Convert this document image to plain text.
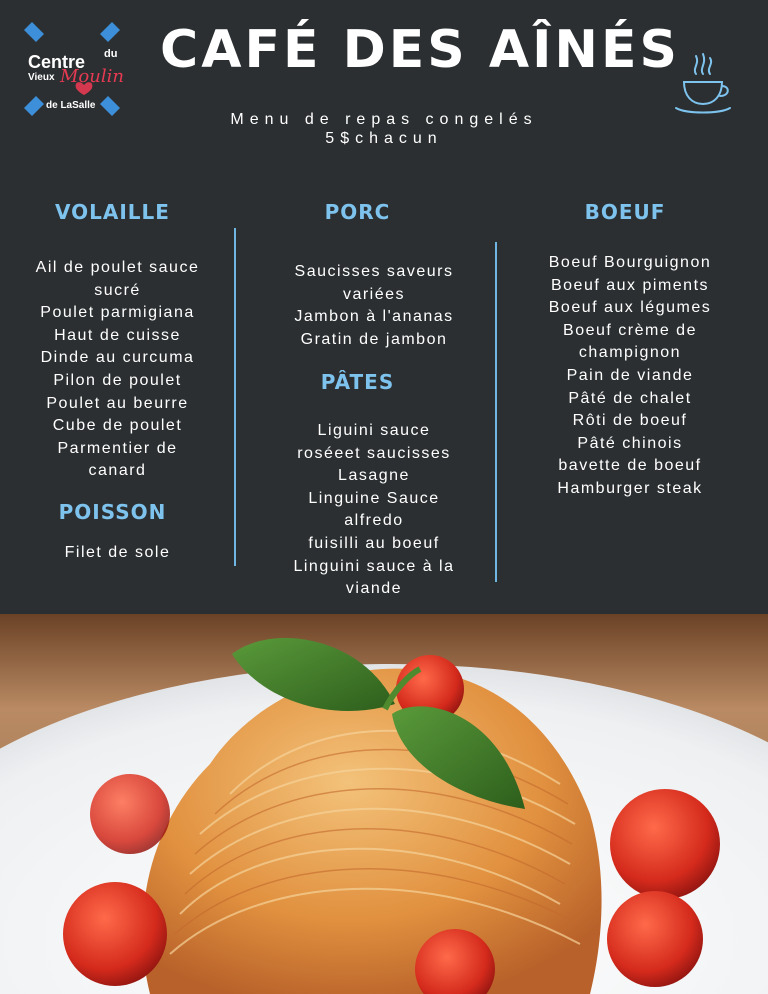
Centre du
Vieux Moulin
de LaSalle
CAFÉ DES AÎNÉS
Menu de repas congelés
5$chacun
VOLAILLE
Ail de poulet sauce
sucré
Poulet parmigiana
Haut de cuisse
Dinde au curcuma
Pilon de poulet
Poulet au beurre
Cube de poulet
Parmentier de
canard
POISSON
Filet de sole
PORC
Saucisses saveurs
variées
Jambon à l'ananas
Gratin de jambon
PÂTES
Liguini sauce
roséeet saucisses
Lasagne
Linguine Sauce
alfredo
fuisilli au boeuf
Linguini sauce à la
viande
BOEUF
Boeuf Bourguignon
Boeuf aux piments
Boeuf aux légumes
Boeuf crème de
champignon
Pain de viande
Pâté de chalet
Rôti de boeuf
Pâté chinois
bavette de boeuf
Hamburger steak
